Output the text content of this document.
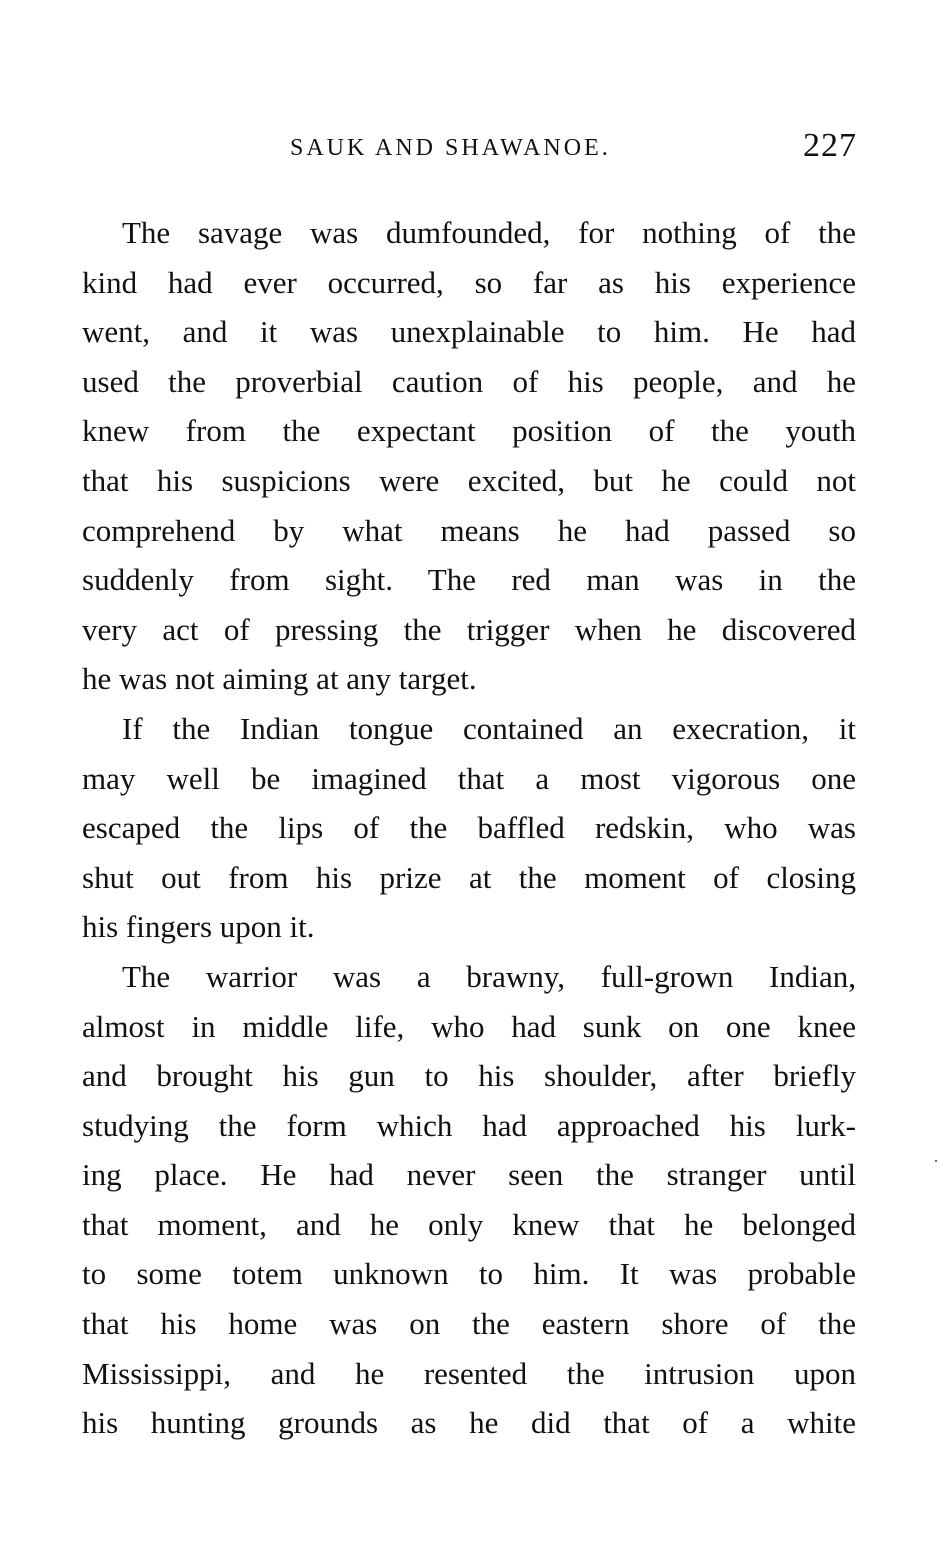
SAUK AND SHAWANOE.	227
The savage was dumfounded, for nothing of the
kind had ever occurred, so far as his experience
went, and it was unexplainable to him. He had
used the proverbial caution of his people, and he
knew from the expectant position of the youth
that his suspicions were excited, but he could not
comprehend by what means he had passed so
suddenly from sight. The red man was in the
very act of pressing the trigger when he discovered
he was not aiming at any target.
If the Indian tongue contained an execration, it
may well be imagined that a most vigorous one
escaped the lips of the baffled redskin, who was
shut out from his prize at the moment of closing
his fingers upon it.
The warrior was a brawny, full-grown Indian,
almost in middle life, who had sunk on one knee
and brought his gun to his shoulder, after briefly
studying the form which had approached his lurk-
ing place. He had never seen the stranger until
that moment, and he only knew that he belonged
to some totem unknown to him. It was probable
that his home was on the eastern shore of the
Mississippi, and he resented the intrusion upon
his hunting grounds as he did that of a white
